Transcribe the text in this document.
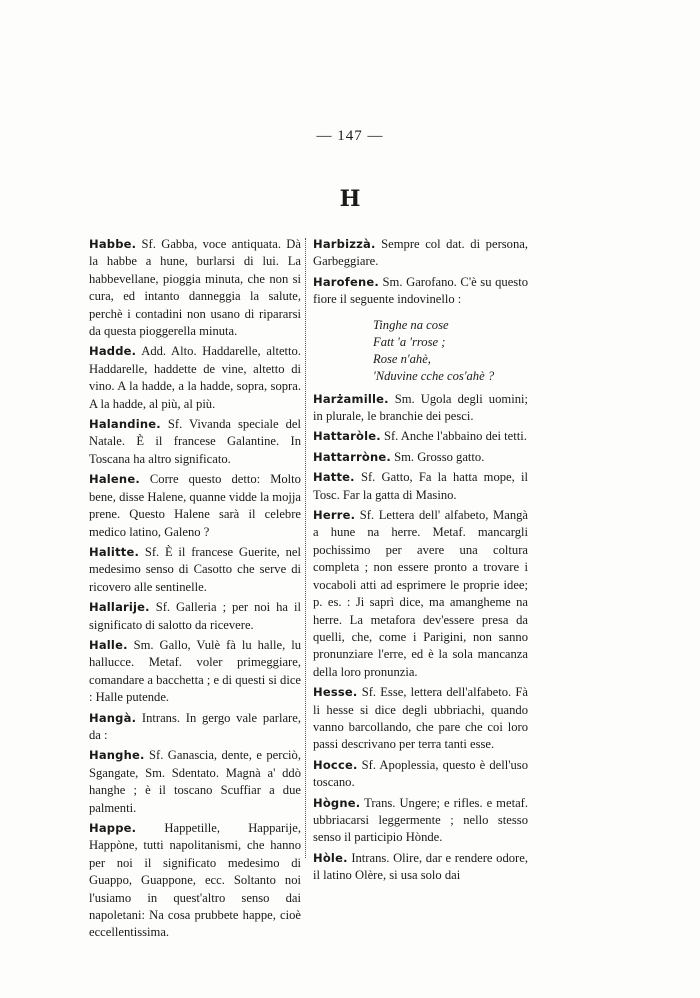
— 147 —
H
Habbe. Sf. Gabba, voce antiquata. Dà la habbe a hune, burlarsi di lui. La habbevellane, pioggia minuta, che non si cura, ed intanto danneggia la salute, perchè i contadini non usano di ripararsi da questa pioggerella minuta.
Hadde. Add. Alto. Haddarelle, altetto. Haddarelle, haddette de vine, altetto di vino. A la hadde, a la hadde, sopra, sopra. A la hadde, al più, al più.
Halandine. Sf. Vivanda speciale del Natale. È il francese Galantine. In Toscana ha altro significato.
Halene. Corre questo detto: Molto bene, disse Halene, quanne vidde la mojja prene. Questo Halene sarà il celebre medico latino, Galeno ?
Halitte. Sf. È il francese Guerite, nel medesimo senso di Casotto che serve di ricovero alle sentinelle.
Hallarije. Sf. Galleria ; per noi ha il significato di salotto da ricevere.
Halle. Sm. Gallo, Vulè fà lu halle, lu hallucce. Metaf. voler primeggiare, comandare a bacchetta ; e di questi si dice : Halle putende.
Hangà. Intrans. In gergo vale parlare, da :
Hanghe. Sf. Ganascia, dente, e perciò, Sgangate, Sm. Sdentato. Magnà a' ddò hanghe ; è il toscano Scuffiar a due palmenti.
Happe. Happetille, Happarije, Happòne, tutti napolitanismi, che hanno per noi il significato medesimo di Guappo, Guappone, ecc. Soltanto noi l'usiamo in quest'altro senso dai napoletani: Na cosa prubbete happe, cioè eccellentissima.
Harbizzà. Sempre col dat. di persona, Garbeggiare.
Harofene. Sm. Garofano. C'è su questo fiore il seguente indovinello :
Tinghe na cose
Fatt 'a 'rrose ;
Rose n'ahè,
'Nduvine cche cos'ahè ?
Harżamille. Sm. Ugola degli uomini; in plurale, le branchie dei pesci.
Hattaròle. Sf. Anche l'abbaino dei tetti.
Hattarròne. Sm. Grosso gatto.
Hatte. Sf. Gatto, Fa la hatta mope, il Tosc. Far la gatta di Masino.
Herre. Sf. Lettera dell' alfabeto, Mangà a hune na herre. Metaf. mancargli pochissimo per avere una coltura completa ; non essere pronto a trovare i vocaboli atti ad esprimere le proprie idee; p. es. : Ji saprì dice, ma amangheme na herre. La metafora dev'essere presa da quelli, che, come i Parigini, non sanno pronunziare l'erre, ed è la sola mancanza della loro pronunzia.
Hesse. Sf. Esse, lettera dell'alfabeto. Fà li hesse si dice degli ubbriachi, quando vanno barcollando, che pare che coi loro passi descrivano per terra tanti esse.
Hocce. Sf. Apoplessia, questo è dell'uso toscano.
Hògne. Trans. Ungere; e rifles. e metaf. ubbriacarsi leggermente ; nello stesso senso il participio Hònde.
Hòle. Intrans. Olire, dar e rendere odore, il latino Olère, si usa solo dai
